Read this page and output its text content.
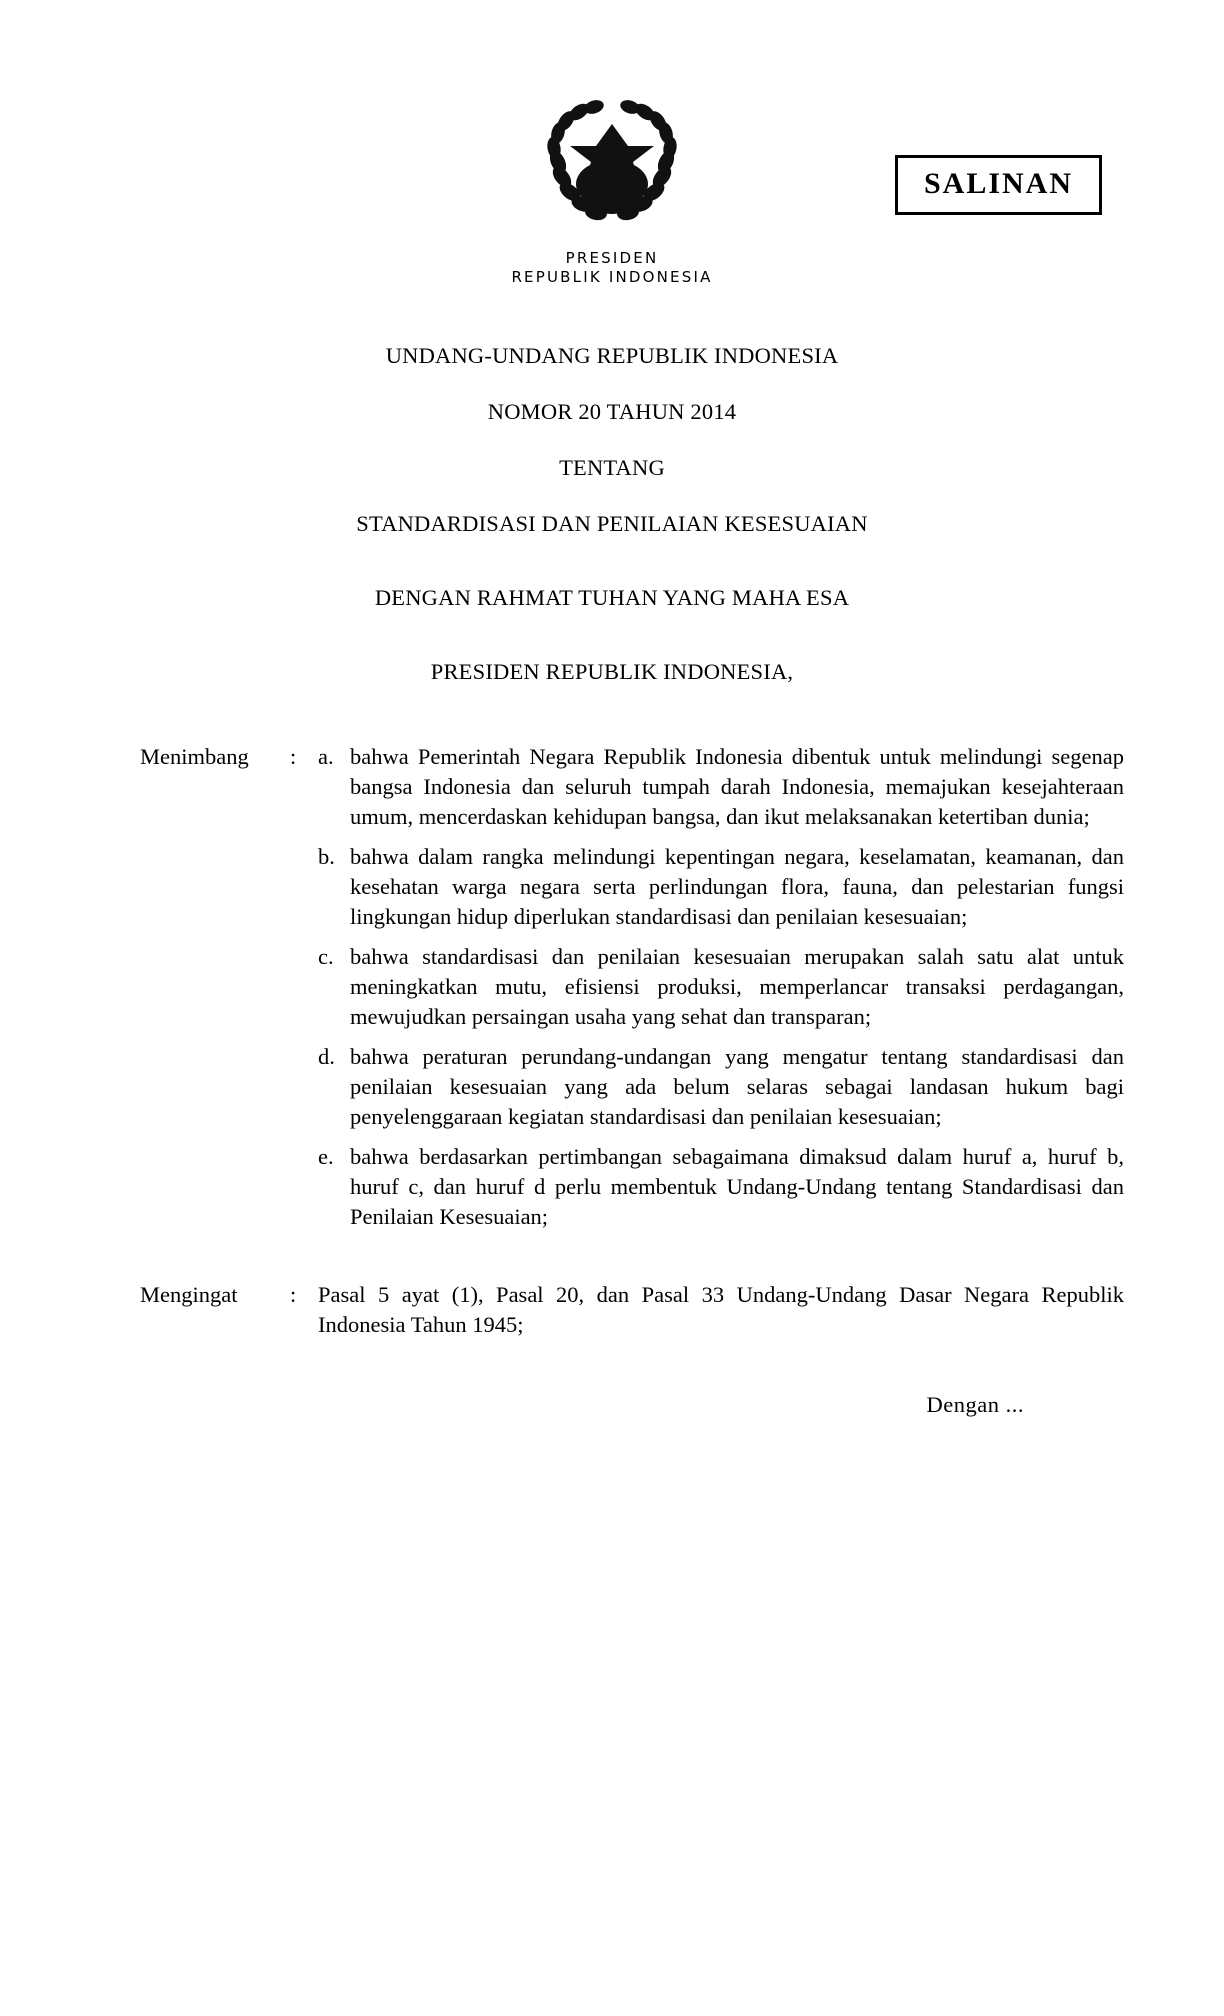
PRESIDEN
REPUBLIK INDONESIA
SALINAN
UNDANG-UNDANG REPUBLIK INDONESIA
NOMOR 20 TAHUN 2014
TENTANG
STANDARDISASI DAN PENILAIAN KESESUAIAN
DENGAN RAHMAT TUHAN YANG MAHA ESA
PRESIDEN REPUBLIK INDONESIA,
Menimbang	: a. bahwa Pemerintah Negara Republik Indonesia dibentuk untuk melindungi segenap bangsa Indonesia dan seluruh tumpah darah Indonesia, memajukan kesejahteraan umum, mencerdaskan kehidupan bangsa, dan ikut melaksanakan ketertiban dunia;
b. bahwa dalam rangka melindungi kepentingan negara, keselamatan, keamanan, dan kesehatan warga negara serta perlindungan flora, fauna, dan pelestarian fungsi lingkungan hidup diperlukan standardisasi dan penilaian kesesuaian;
c. bahwa standardisasi dan penilaian kesesuaian merupakan salah satu alat untuk meningkatkan mutu, efisiensi produksi, memperlancar transaksi perdagangan, mewujudkan persaingan usaha yang sehat dan transparan;
d. bahwa peraturan perundang-undangan yang mengatur tentang standardisasi dan penilaian kesesuaian yang ada belum selaras sebagai landasan hukum bagi penyelenggaraan kegiatan standardisasi dan penilaian kesesuaian;
e. bahwa berdasarkan pertimbangan sebagaimana dimaksud dalam huruf a, huruf b, huruf c, dan huruf d perlu membentuk Undang-Undang tentang Standardisasi dan Penilaian Kesesuaian;
Mengingat	: Pasal 5 ayat (1), Pasal 20, dan Pasal 33 Undang-Undang Dasar Negara Republik Indonesia Tahun 1945;
Dengan ...
